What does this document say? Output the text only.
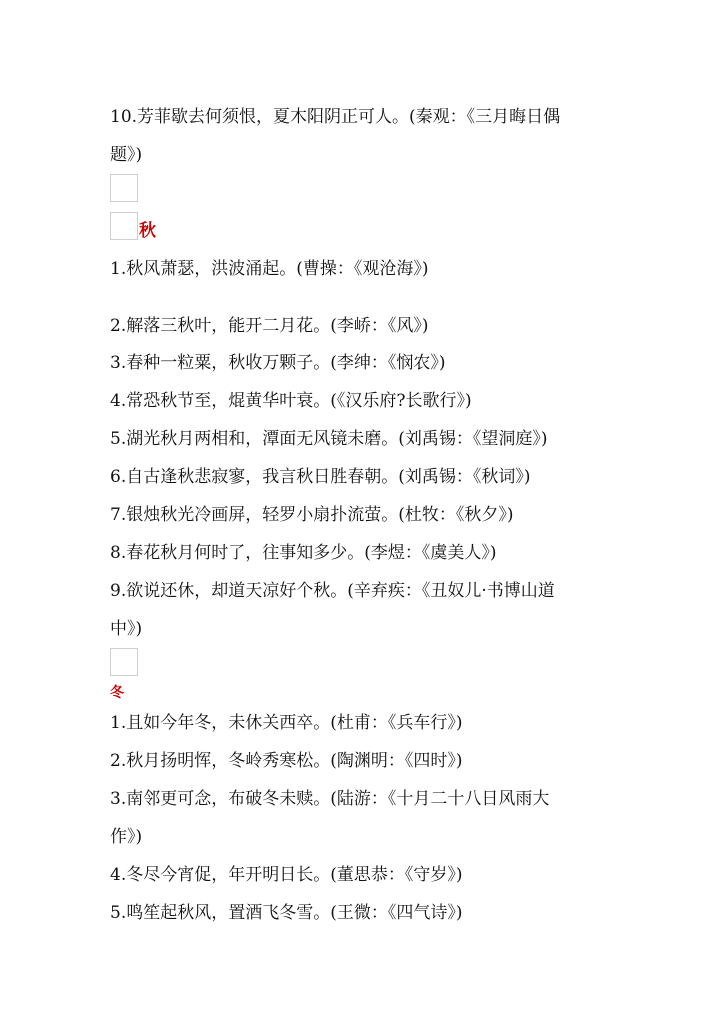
10.芳菲歇去何须恨，夏木阳阴正可人。(秦观：《三月晦日偶
题》)
秋
1.秋风萧瑟，洪波涌起。(曹操：《观沧海》)
2.解落三秋叶，能开二月花。(李峤：《风》)
3.春种一粒粟，秋收万颗子。(李绅：《悯农》)
4.常恐秋节至，焜黄华叶衰。(《汉乐府?长歌行》)
5.湖光秋月两相和，潭面无风镜未磨。(刘禹锡：《望洞庭》)
6.自古逢秋悲寂寥，我言秋日胜春朝。(刘禹锡：《秋词》)
7.银烛秋光冷画屏，轻罗小扇扑流萤。(杜牧：《秋夕》)
8.春花秋月何时了，往事知多少。(李煜：《虞美人》)
9.欲说还休，却道天凉好个秋。(辛弃疾：《丑奴儿·书博山道
中》)
冬
1.且如今年冬，未休关西卒。(杜甫：《兵车行》)
2.秋月扬明恽，冬岭秀寒松。(陶渊明：《四时》)
3.南邻更可念，布破冬未赎。(陆游：《十月二十八日风雨大
作》)
4.冬尽今宵促，年开明日长。(董思恭：《守岁》)
5.鸣笙起秋风，置酒飞冬雪。(王微：《四气诗》)
